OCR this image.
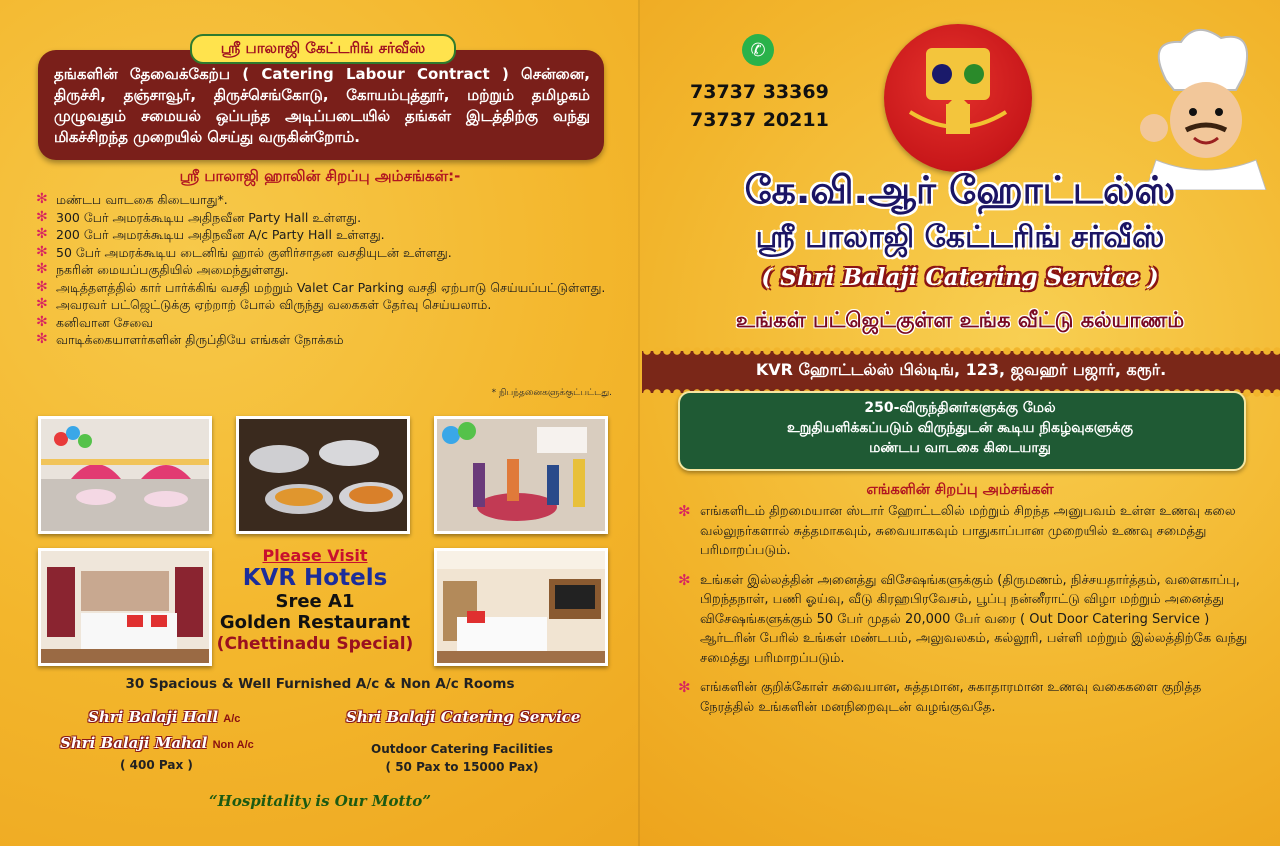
ஸ்ரீ பாலாஜி கேட்டரிங் சர்வீஸ்
தங்களின் தேவைக்கேற்ப ( Catering Labour Contract ) சென்னை, திருச்சி, தஞ்சாவூர், திருச்செங்கோடு, கோயம்புத்தூர், மற்றும் தமிழகம் முழுவதும் சமையல் ஒப்பந்த அடிப்படையில் தங்கள் இடத்திற்கு வந்து மிகச்சிறந்த முறையில் செய்து வருகின்றோம்.
ஸ்ரீ பாலாஜி ஹாலின் சிறப்பு அம்சங்கள்:-
✻ மண்டப வாடகை கிடையாது*.
✻ 300 பேர் அமரக்கூடிய அதிநவீன Party Hall உள்ளது.
✻ 200 பேர் அமரக்கூடிய அதிநவீன A/c Party Hall உள்ளது.
✻ 50 பேர் அமரக்கூடிய டைனிங் ஹால் குளிர்சாதன வசதியுடன் உள்ளது.
✻ நகரின் மையப்பகுதியில் அமைந்துள்ளது.
✻ அடித்தளத்தில் கார் பார்க்கிங் வசதி மற்றும் Valet Car Parking வசதி ஏற்பாடு செய்யப்பட்டுள்ளது.
✻ அவரவர் பட்ஜெட்டுக்கு ஏற்றாற் போல் விருந்து வகைகள் தேர்வு செய்யலாம்.
✻ கனிவான சேவை
✻ வாடிக்கையாளர்களின் திருப்தியே எங்கள் நோக்கம்
* நிபந்தனைகளுக்குட்பட்டது.
Please Visit
KVR Hotels
Sree A1
Golden Restaurant
(Chettinadu Special)
30 Spacious & Well Furnished A/c & Non A/c Rooms
Shri Balaji Hall A/c
Shri Balaji Mahal Non A/c
( 400 Pax )
Shri Balaji Catering Service
Outdoor Catering Facilities
( 50 Pax to 15000 Pax)
“Hospitality is Our Motto”
✆
73737 33369
73737 20211
கே.வி.ஆர் ஹோட்டல்ஸ்
ஸ்ரீ பாலாஜி கேட்டரிங் சர்வீஸ்
( Shri Balaji Catering Service )
உங்கள் பட்ஜெட்குள்ள உங்க வீட்டு கல்யாணம்
KVR ஹோட்டல்ஸ் பில்டிங், 123, ஜவஹர் பஜார், கரூர்.
250-விருந்தினர்களுக்கு மேல்
உறுதியளிக்கப்படும் விருந்துடன் கூடிய நிகழ்வுகளுக்கு
மண்டப வாடகை கிடையாது
எங்களின் சிறப்பு அம்சங்கள்
✻ எங்களிடம் திறமையான ஸ்டார் ஹோட்டலில் மற்றும் சிறந்த அனுபவம் உள்ள உணவு கலை வல்லுநர்களால் சுத்தமாகவும், சுவையாகவும் பாதுகாப்பான முறையில் உணவு சமைத்து பரிமாறப்படும்.
✻ உங்கள் இல்லத்தின் அனைத்து விசேஷங்களுக்கும் (திருமணம், நிச்சயதார்த்தம், வளைகாப்பு, பிறந்தநாள், பணி ஓய்வு, வீடு கிரஹபிரவேசம், பூப்பு நன்னீராட்டு விழா மற்றும் அனைத்து விசேஷங்களுக்கும் 50 பேர் முதல் 20,000 பேர் வரை ( Out Door Catering Service ) ஆர்டரின் பேரில் உங்கள் மண்டபம், அலுவலகம், கல்லூரி, பள்ளி மற்றும் இல்லத்திற்கே வந்து சமைத்து பரிமாறப்படும்.
✻ எங்களின் குறிக்கோள் சுவையான, சுத்தமான, சுகாதாரமான உணவு வகைகளை குறித்த நேரத்தில் உங்களின் மனநிறைவுடன் வழங்குவதே.
